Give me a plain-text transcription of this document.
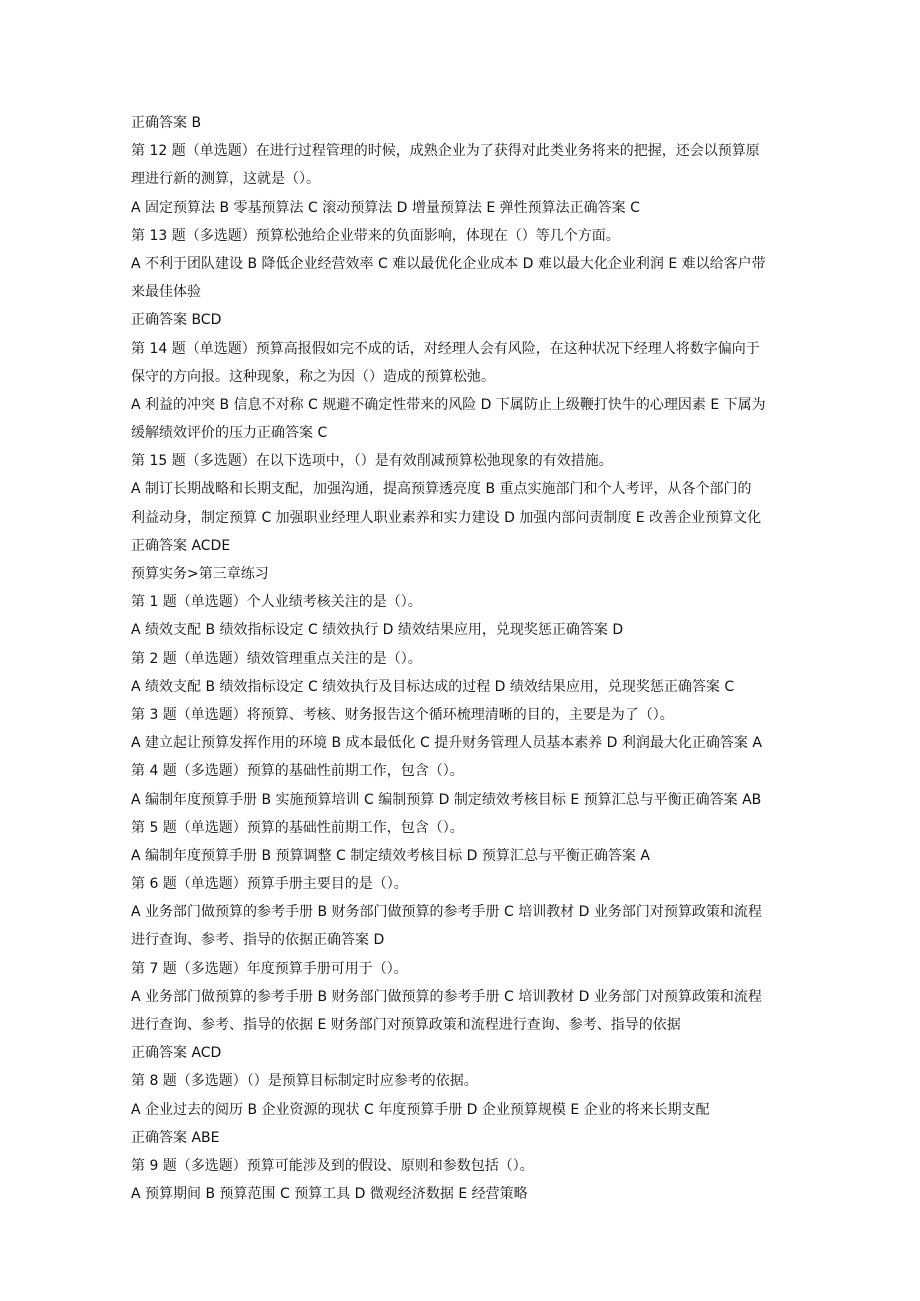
正确答案 B
第 12 题（单选题）在进行过程管理的时候，成熟企业为了获得对此类业务将来的把握，还会以预算原
理进行新的测算，这就是（）。
A 固定预算法 B 零基预算法 C 滚动预算法 D 增量预算法 E 弹性预算法正确答案 C
第 13 题（多选题）预算松弛给企业带来的负面影响，体现在（）等几个方面。
A 不利于团队建设 B 降低企业经营效率 C 难以最优化企业成本 D 难以最大化企业利润 E 难以给客户带
来最佳体验
正确答案 BCD
第 14 题（单选题）预算高报假如完不成的话，对经理人会有风险，在这种状况下经理人将数字偏向于
保守的方向报。这种现象，称之为因（）造成的预算松弛。
A 利益的冲突 B 信息不对称 C 规避不确定性带来的风险 D 下属防止上级鞭打快牛的心理因素 E 下属为
缓解绩效评价的压力正确答案 C
第 15 题（多选题）在以下选项中，（）是有效削减预算松弛现象的有效措施。
A 制订长期战略和长期支配，加强沟通，提高预算透亮度 B 重点实施部门和个人考评，从各个部门的
利益动身，制定预算 C 加强职业经理人职业素养和实力建设 D 加强内部问责制度 E 改善企业预算文化
正确答案 ACDE
预算实务>第三章练习
第 1 题（单选题）个人业绩考核关注的是（）。
A 绩效支配 B 绩效指标设定 C 绩效执行 D 绩效结果应用，兑现奖惩正确答案 D
第 2 题（单选题）绩效管理重点关注的是（）。
A 绩效支配 B 绩效指标设定 C 绩效执行及目标达成的过程 D 绩效结果应用，兑现奖惩正确答案 C
第 3 题（单选题）将预算、考核、财务报告这个循环梳理清晰的目的，主要是为了（）。
A 建立起让预算发挥作用的环境 B 成本最低化 C 提升财务管理人员基本素养 D 利润最大化正确答案 A
第 4 题（多选题）预算的基础性前期工作，包含（）。
A 编制年度预算手册 B 实施预算培训 C 编制预算 D 制定绩效考核目标 E 预算汇总与平衡正确答案 AB
第 5 题（单选题）预算的基础性前期工作，包含（）。
A 编制年度预算手册 B 预算调整 C 制定绩效考核目标 D 预算汇总与平衡正确答案 A
第 6 题（单选题）预算手册主要目的是（）。
A 业务部门做预算的参考手册 B 财务部门做预算的参考手册 C 培训教材 D 业务部门对预算政策和流程
进行查询、参考、指导的依据正确答案 D
第 7 题（多选题）年度预算手册可用于（）。
A 业务部门做预算的参考手册 B 财务部门做预算的参考手册 C 培训教材 D 业务部门对预算政策和流程
进行查询、参考、指导的依据 E 财务部门对预算政策和流程进行查询、参考、指导的依据
正确答案 ACD
第 8 题（多选题）（）是预算目标制定时应参考的依据。
A 企业过去的阅历 B 企业资源的现状 C 年度预算手册 D 企业预算规模 E 企业的将来长期支配
正确答案 ABE
第 9 题（多选题）预算可能涉及到的假设、原则和参数包括（）。
A 预算期间 B 预算范围 C 预算工具 D 微观经济数据 E 经营策略
